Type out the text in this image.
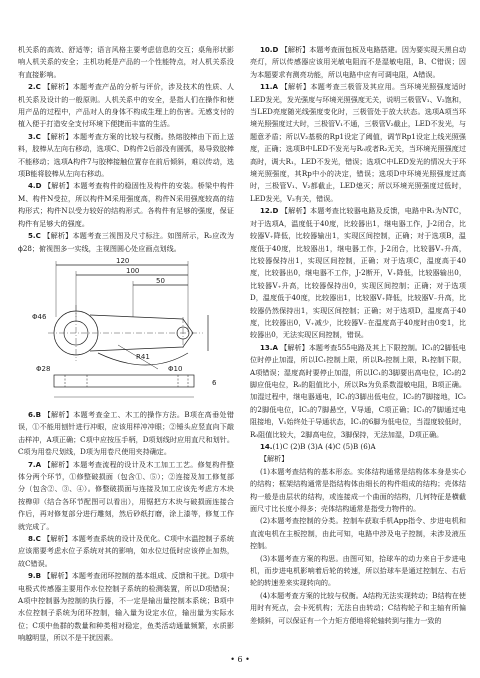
机关系的高效、舒适等；语言风格主要考虑信息的交互；桌角形状影响人机关系的安全；主机功耗是产品的一个性能特点，对人机关系没有直接影响。

2.C 【解析】本题考查产品的分析与评价，涉及技术的性质、人机关系及设计的一般原则。人机关系中的安全，是指人们在操作和使用产品的过程中，产品对人的身体不构成生理上的伤害。无感支付的植入便于打造安全支付环境下便捷而丰富的生活。

3.C 【解析】本题考查方案的比较与权衡。热熔胶棒由下而上送料，胶棒从左向右移动，选项C、D构件2后部没有圆弧，易导致胶棒不能移动；选项A构件7与胶棒接触位置存在前后倾斜，难以传动，选项B能将胶棒从左向右移动。

4.D 【解析】本题考查构件的稳固性及构件的安装。桥梁中构件M、构件N受拉，所以构件M采用强度高，构件N采用强度较高的结构形式；构件N以受力较好的结构形式。各构件有足够的强度，保证构件有足够大的强度。

5.C 【解析】本题考查三视图及尺寸标注。如图所示，R₂应改为ϕ28；俯视图多一实线，主视图圆心处应画点划线。

120
100
50
Φ46
R41
Φ28	Φ10
6

6.B 【解析】本题考查金工、木工的操作方法。B项在高垂处错误，①不能用刨针进行冲眼，应该用样冲冲眼；②锤头应竖直向下敲击样冲，A项正确；C项中应按压手柄，D项划线时应用直尺和划针。C项为用卷尺划线，D项为用卷尺使用夹持确定。

7.A 【解析】本题考查流程的设计及木工加工工艺。修复构件整体分两个环节，①修整破损面（包含①、⑤）；②连接及加工修复部分（包含②、③、④）。修整破损面与连接及加工应该先考虑方木块按榫卯（结合各环节配图可以看出），用锯把方木块与破损面连接合作后，再对修复部分进行雕刻，然后砂纸打磨，涂上漆等，修复工作就完成了。

8.C 【解析】本题考查系统的设计及优化。C项中水温控制子系统应该需要考虑水位子系统对其的影响，如水位过低时应该停止加热，故C错误。

9.B 【解析】本题考查闭环控制的基本组成、反馈和干扰。D项中电极式传感器主要用作水位控制子系统的检测装置，所以D项错误；A项中控制器为控制的执行器，不一定是输出量控制本系统；B项中水位控制子系统为闭环控制，输入量为设定水位，输出量为实际水位；C项中鱼群的数量和种类相对稳定，鱼类活动通量频繁，水质影响越明显，所以不是干扰因素。

10.D 【解析】本题考查面包板及电路搭建。因为要实现天黑自动亮灯，所以传感器应该用光敏电阻而不是湿敏电阻，B、C错误；因为本题要求有测亮功能，所以电路中应有可调电阻，A错误。

11.A 【解析】本题考查三极管及其应用。当环境光照强度适时LED发光，发光强度与环境光照强度无关，说明三极管V₁、V₂饱和，当LED亮度随光线强度变化时，三极管处于放大状态。选项A项当环境光照强度过大时，三极管V₁不通，三极管V₂截止，LED不发光，与题意矛盾；所以V₂基极的Rp1设定了阈值，调节Rp1设定上线光照强度，正确；选项B中LED不发光与R₀或者R₂无关，当环境光照强度过高时，调大R₁，LED不发光，错误；选项C中LED发光的情况大于环境光照强度，其Rp中小的决定，错误；选项D中环境光照强度过高时，三极管V₁、V₂都截止，LED熄灭；所以环境光照强度过低时，LED发光，V₂有关，错误。

12.D 【解析】本题考查比较器电路及反馈，电路中R₁为NTC，对于选项A，温度低于40度，比较器出1，继电器工作，J-2闭合，比较器V₊降低，比较器输出1，实现区间控制，正确；对于选项B，温度低于40度，比较器出1，继电器工作，J-2闭合，比较器V₊升高，比较器保持出1，实现区间控制，正确；对于选项C，温度高于40度，比较器出0，继电器不工作，J-2断开，V₊降低，比较器输出0，比较器V₊升高，比较器保持出0，实现区间控制；正确；对于选项D，温度低于40度，比较器出1，比较器V₊降低，比较器V₋升高，比较器仍然保持出1，实现区间控制；正确；对于选项D，温度高于40度，比较器出0，V₊减少，比较器V₋在温度高于40度时由0变1，比较器出0，无法实现区间控制，错误。

13.A 【解析】本题考查555电路及其上下限控制。IC₁的2脚低电位时停止加湿，所以IC₁控制上限，所以R₀控制上限，R₁控制下限，A项错误；湿度高时要停止加湿，所以IC₁的3脚要出高电位，IC₂的2脚应低电位，R₀的阻值比小，所以Rs为负系数湿敏电阻，B项正确。加湿过程中，继电器通电，IC₁的3脚出低电位，IC₂的7脚接地，IC₂的2脚低电位，IC₂的7脚悬空，V导通，C项正确；IC₁的7脚通过电阻接地，V₁始终处于导通状态，IC₁的6脚为低电位，当湿度较低时，R₀阻值比较大，2脚高电位，3脚保持，无法加湿，D项正确。

14.(1)C (2)B (3)A (4)C (5)B (6)A

【解析】

(1)本题考查结构的基本形态。实体结构通常是结构体本身是实心的结构；框架结构通常是指结构体由细长的构件组成的结构；壳体结构一般是由层状的结构，或连接成一个曲面的结构，几何特征是横截面尺寸比长度小得多；壳体结构通常是指受力物件的。

(2)本题考查控制的分类。控制车获取手机App指令、步进电机和直流电机在主板控制，由此可知，电路中涉及电子控制，未涉及液压控制。

(3)本题考查方案的构思。由图可知，拾球车的动力来自于步进电机，而步进电机影响着后轮的转速，所以拾球车是通过控制左、右后轮的转速差来实现转向的。

(4)本题考查方案的比较与权衡。A结构无法实现转动；B结构在使用时有死点，会卡死机构；无法自由转动；C结构轮子和主轴有所偏差倾斜，可以保证有一个力矩方便地将轮轴转到与推力一致的

• 6 •
